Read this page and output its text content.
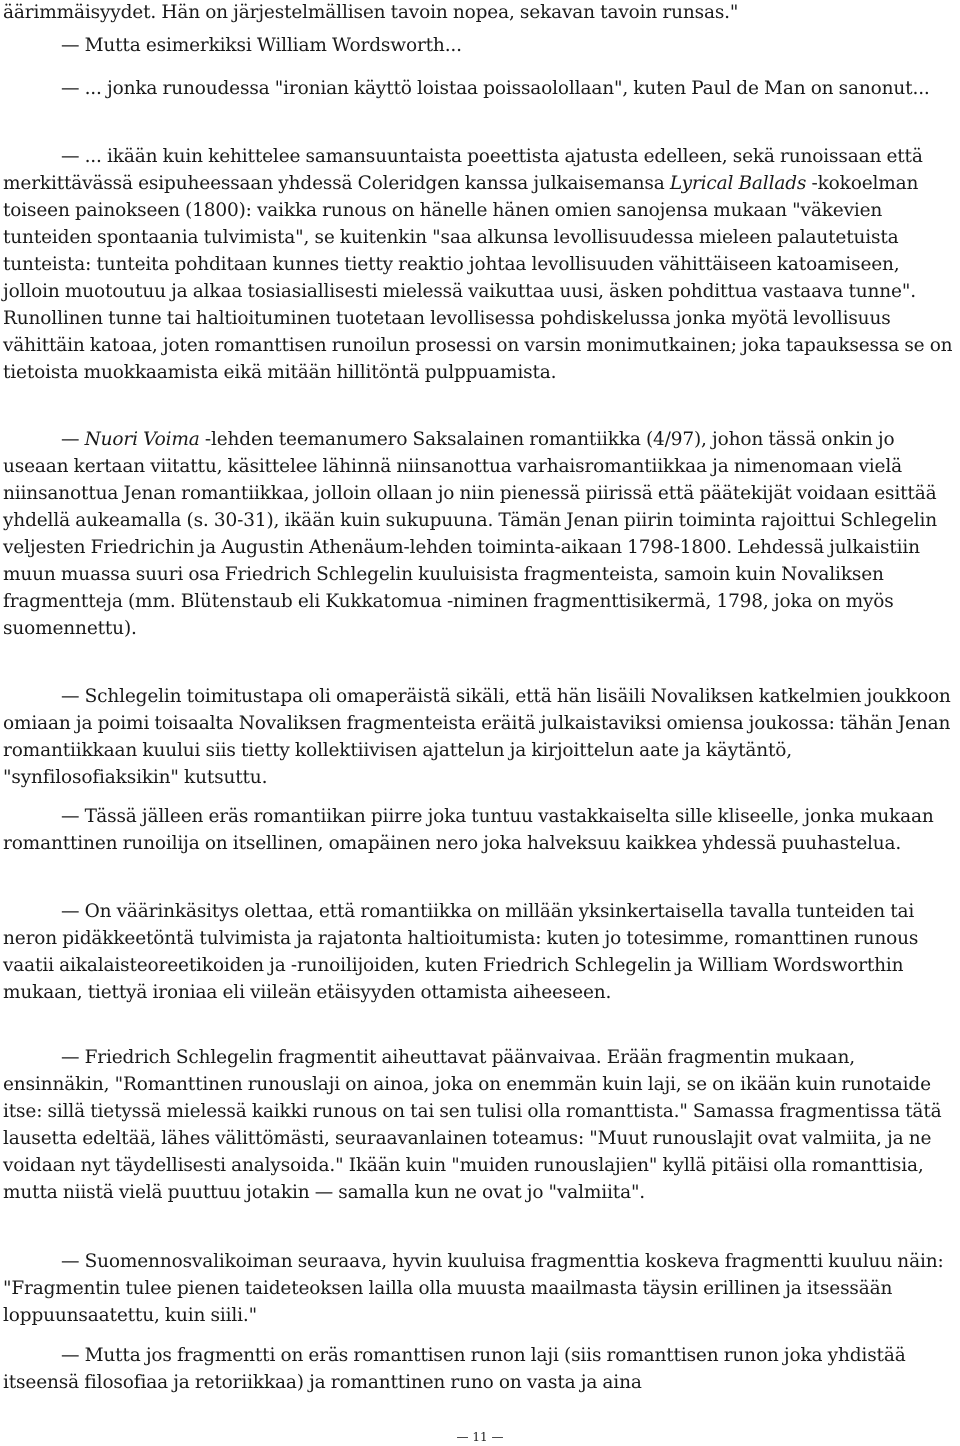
äärimmäisyydet. Hän on järjestelmällisen tavoin nopea, sekavan tavoin runsas."

— Mutta esimerkiksi William Wordsworth...

— ... jonka runoudessa "ironian käyttö loistaa poissaolollaan", kuten Paul de Man on sanonut...

— ... ikään kuin kehittelee samansuuntaista poeettista ajatusta edelleen, sekä runoissaan että merkittävässä esipuheessaan yhdessä Coleridgen kanssa julkaisemansa Lyrical Ballads -kokoelman toiseen painokseen (1800): vaikka runous on hänelle hänen omien sanojensa mukaan "väkevien tunteiden spontaania tulvimista", se kuitenkin "saa alkunsa levollisuudessa mieleen palautetuista tunteista: tunteita pohditaan kunnes tietty reaktio johtaa levollisuuden vähittäiseen katoamiseen, jolloin muotoutuu ja alkaa tosiasiallisesti mielessä vaikuttaa uusi, äsken pohdittua vastaava tunne". Runollinen tunne tai haltioituminen tuotetaan levollisessa pohdiskelussa jonka myötä levollisuus vähittäin katoaa, joten romanttisen runoilun prosessi on varsin monimutkainen; joka tapauksessa se on tietoista muokkaamista eikä mitään hillitöntä pulppuamista.

— Nuori Voima -lehden teemanumero Saksalainen romantiikka (4/97), johon tässä onkin jo useaan kertaan viitattu, käsittelee lähinnä niinsanottua varhaisromantiikkaa ja nimenomaan vielä niinsanottua Jenan romantiikkaa, jolloin ollaan jo niin pienessä piirissä että päätekijät voidaan esittää yhdellä aukeamalla (s. 30-31), ikään kuin sukupuuna. Tämän Jenan piirin toiminta rajoittui Schlegelin veljesten Friedrichin ja Augustin Athenäum-lehden toiminta-aikaan 1798-1800. Lehdessä julkaistiin muun muassa suuri osa Friedrich Schlegelin kuuluisista fragmenteista, samoin kuin Novaliksen fragmentteja (mm. Blütenstaub eli Kukkatomua -niminen fragmenttisikermä, 1798, joka on myös suomennettu).

— Schlegelin toimitustapa oli omaperäistä sikäli, että hän lisäili Novaliksen katkelmien joukkoon omiaan ja poimi toisaalta Novaliksen fragmenteista eräitä julkaistaviksi omiensa joukossa: tähän Jenan romantiikkaan kuului siis tietty kollektiivisen ajattelun ja kirjoittelun aate ja käytäntö, "synfilosofiaksikin" kutsuttu.

— Tässä jälleen eräs romantiikan piirre joka tuntuu vastakkaiselta sille kliseelle, jonka mukaan romanttinen runoilija on itsellinen, omapäinen nero joka halveksuu kaikkea yhdessä puuhastelua.

— On väärinkäsitys olettaa, että romantiikka on millään yksinkertaisella tavalla tunteiden tai neron pidäkkeetöntä tulvimista ja rajatonta haltioitumista: kuten jo totesimme, romanttinen runous vaatii aikalaisteoreetikoiden ja -runoilijoiden, kuten Friedrich Schlegelin ja William Wordsworthin mukaan, tiettyä ironiaa eli viileän etäisyyden ottamista aiheeseen.

— Friedrich Schlegelin fragmentit aiheuttavat päänvaivaa. Erään fragmentin mukaan, ensinnäkin, "Romanttinen runouslaji on ainoa, joka on enemmän kuin laji, se on ikään kuin runotaide itse: sillä tietyssä mielessä kaikki runous on tai sen tulisi olla romanttista." Samassa fragmentissa tätä lausetta edeltää, lähes välittömästi, seuraavanlainen toteamus: "Muut runouslajit ovat valmiita, ja ne voidaan nyt täydellisesti analysoida." Ikään kuin "muiden runouslajien" kyllä pitäisi olla romanttisia, mutta niistä vielä puuttuu jotakin — samalla kun ne ovat jo "valmiita".

— Suomennosvalikoiman seuraava, hyvin kuuluisa fragmenttia koskeva fragmentti kuuluu näin: "Fragmentin tulee pienen taideteoksen lailla olla muusta maailmasta täysin erillinen ja itsessään loppuunsaatettu, kuin siili."

— Mutta jos fragmentti on eräs romanttisen runon laji (siis romanttisen runon joka yhdistää itseensä filosofiaa ja retoriikkaa) ja romanttinen runo on vasta ja aina

— 11 —
